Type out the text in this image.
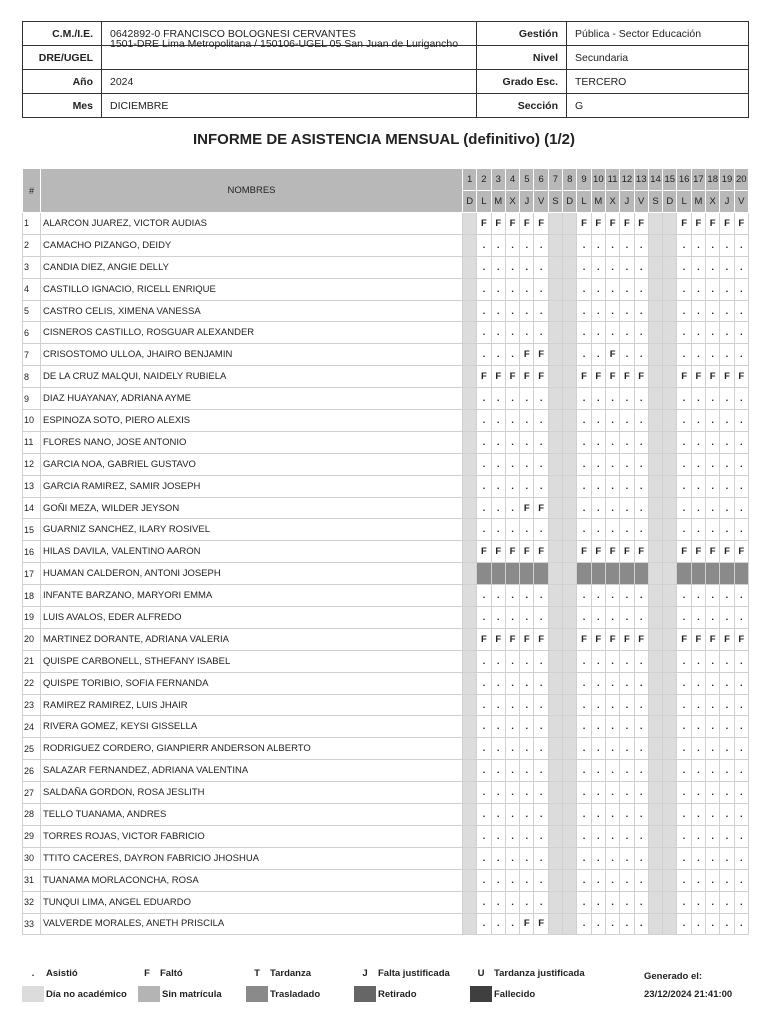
C.M./I.E.	0642892-0 FRANCISCO BOLOGNESI CERVANTES	Gestión	Pública - Sector Educación
DRE/UGEL	1501-DRE Lima Metropolitana / 150106-UGEL 05 San Juan de Lurigancho	Nivel	Secundaria
Año	2024	Grado Esc.	TERCERO
Mes	DICIEMBRE	Sección	G
INFORME DE ASISTENCIA MENSUAL (definitivo) (1/2)
#	NOMBRES	1	2	3	4	5	6	7	8	9	10	11	12	13	14	15	16	17	18	19	20
		D	L	M	X	J	V	S	D	L	M	X	J	V	S	D	L	M	X	J	V
1	ALARCON JUAREZ, VICTOR AUDIAS		F	F	F	F	F			F	F	F	F	F			F	F	F	F	F
2	CAMACHO PIZANGO, DEIDY		.	.	.	.	.			.	.	.	.	.			.	.	.	.	.
3	CANDIA DIEZ, ANGIE DELLY		.	.	.	.	.			.	.	.	.	.			.	.	.	.	.
4	CASTILLO IGNACIO, RICELL ENRIQUE		.	.	.	.	.			.	.	.	.	.			.	.	.	.	.
5	CASTRO CELIS, XIMENA VANESSA		.	.	.	.	.			.	.	.	.	.			.	.	.	.	.
6	CISNEROS CASTILLO, ROSGUAR ALEXANDER		.	.	.	.	.			.	.	.	.	.			.	.	.	.	.
7	CRISOSTOMO ULLOA, JHAIRO BENJAMIN		.	.	.	F	F			.	.	F	.	.			.	.	.	.	.
8	DE LA CRUZ MALQUI, NAIDELY RUBIELA		F	F	F	F	F			F	F	F	F	F			F	F	F	F	F
9	DIAZ HUAYANAY, ADRIANA AYME		.	.	.	.	.			.	.	.	.	.			.	.	.	.	.
10	ESPINOZA SOTO, PIERO ALEXIS		.	.	.	.	.			.	.	.	.	.			.	.	.	.	.
11	FLORES NANO, JOSE ANTONIO		.	.	.	.	.			.	.	.	.	.			.	.	.	.	.
12	GARCIA NOA, GABRIEL GUSTAVO		.	.	.	.	.			.	.	.	.	.			.	.	.	.	.
13	GARCIA RAMIREZ, SAMIR JOSEPH		.	.	.	.	.			.	.	.	.	.			.	.	.	.	.
14	GOÑI MEZA, WILDER JEYSON		.	.	.	F	F			.	.	.	.	.			.	.	.	.	.
15	GUARNIZ SANCHEZ, ILARY ROSIVEL		.	.	.	.	.			.	.	.	.	.			.	.	.	.	.
16	HILAS DAVILA, VALENTINO AARON		F	F	F	F	F			F	F	F	F	F			F	F	F	F	F
17	HUAMAN CALDERON, ANTONI JOSEPH																				
18	INFANTE BARZANO, MARYORI EMMA		.	.	.	.	.			.	.	.	.	.			.	.	.	.	.
19	LUIS AVALOS, EDER ALFREDO		.	.	.	.	.			.	.	.	.	.			.	.	.	.	.
20	MARTINEZ DORANTE, ADRIANA VALERIA		F	F	F	F	F			F	F	F	F	F			F	F	F	F	F
21	QUISPE CARBONELL, STHEFANY ISABEL		.	.	.	.	.			.	.	.	.	.			.	.	.	.	.
22	QUISPE TORIBIO, SOFIA FERNANDA		.	.	.	.	.			.	.	.	.	.			.	.	.	.	.
23	RAMIREZ RAMIREZ, LUIS JHAIR		.	.	.	.	.			.	.	.	.	.			.	.	.	.	.
24	RIVERA GOMEZ, KEYSI GISSELLA		.	.	.	.	.			.	.	.	.	.			.	.	.	.	.
25	RODRIGUEZ CORDERO, GIANPIERR ANDERSON ALBERTO		.	.	.	.	.			.	.	.	.	.			.	.	.	.	.
26	SALAZAR FERNANDEZ, ADRIANA VALENTINA		.	.	.	.	.			.	.	.	.	.			.	.	.	.	.
27	SALDAÑA GORDON, ROSA JESLITH		.	.	.	.	.			.	.	.	.	.			.	.	.	.	.
28	TELLO TUANAMA, ANDRES		.	.	.	.	.			.	.	.	.	.			.	.	.	.	.
29	TORRES ROJAS, VICTOR FABRICIO		.	.	.	.	.			.	.	.	.	.			.	.	.	.	.
30	TTITO CACERES, DAYRON FABRICIO JHOSHUA		.	.	.	.	.			.	.	.	.	.			.	.	.	.	.
31	TUANAMA MORLACONCHA, ROSA		.	.	.	.	.			.	.	.	.	.			.	.	.	.	.
32	TUNQUI LIMA, ANGEL EDUARDO		.	.	.	.	.			.	.	.	.	.			.	.	.	.	.
33	VALVERDE MORALES, ANETH PRISCILA		.	.	.	F	F			.	.	.	.	.			.	.	.	.	.
.	Asistió	F	Faltó	T	Tardanza	J	Falta justificada	U	Tardanza justificada	Generado el:
Día no académico	Sin matrícula	Trasladado	Retirado	Fallecido	23/12/2024 21:41:00
